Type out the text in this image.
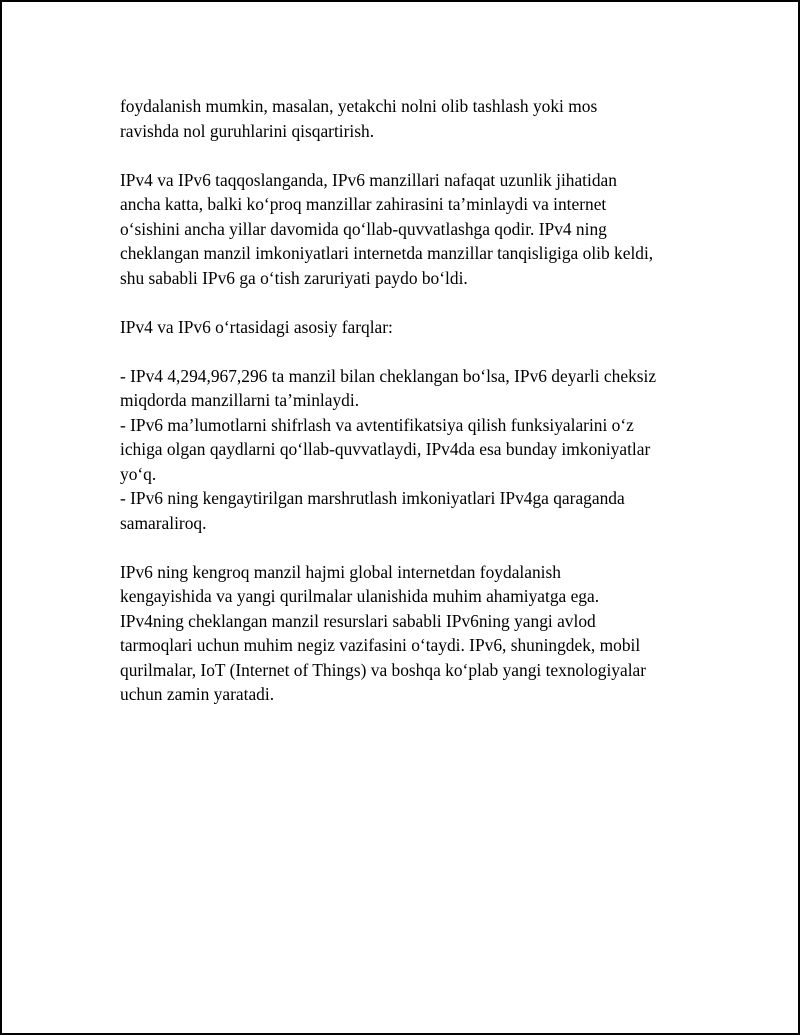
foydalanish mumkin, masalan, yetakchi nolni olib tashlash yoki mos
ravishda nol guruhlarini qisqartirish.

IPv4 va IPv6 taqqoslanganda, IPv6 manzillari nafaqat uzunlik jihatidan
ancha katta, balki ko‘proq manzillar zahirasini ta’minlaydi va internet
o‘sishini ancha yillar davomida qo‘llab-quvvatlashga qodir. IPv4 ning
cheklangan manzil imkoniyatlari internetda manzillar tanqisligiga olib keldi,
shu sababli IPv6 ga o‘tish zaruriyati paydo bo‘ldi.

IPv4 va IPv6 o‘rtasidagi asosiy farqlar:

- IPv4 4,294,967,296 ta manzil bilan cheklangan bo‘lsa, IPv6 deyarli cheksiz
miqdorda manzillarni ta’minlaydi.
- IPv6 ma’lumotlarni shifrlash va avtentifikatsiya qilish funksiyalarini o‘z
ichiga olgan qaydlarni qo‘llab-quvvatlaydi, IPv4da esa bunday imkoniyatlar
yo‘q.
- IPv6 ning kengaytirilgan marshrutlash imkoniyatlari IPv4ga qaraganda
samaraliroq.

IPv6 ning kengroq manzil hajmi global internetdan foydalanish
kengayishida va yangi qurilmalar ulanishida muhim ahamiyatga ega.
IPv4ning cheklangan manzil resurslari sababli IPv6ning yangi avlod
tarmoqlari uchun muhim negiz vazifasini o‘taydi. IPv6, shuningdek, mobil
qurilmalar, IoT (Internet of Things) va boshqa ko‘plab yangi texnologiyalar
uchun zamin yaratadi.
